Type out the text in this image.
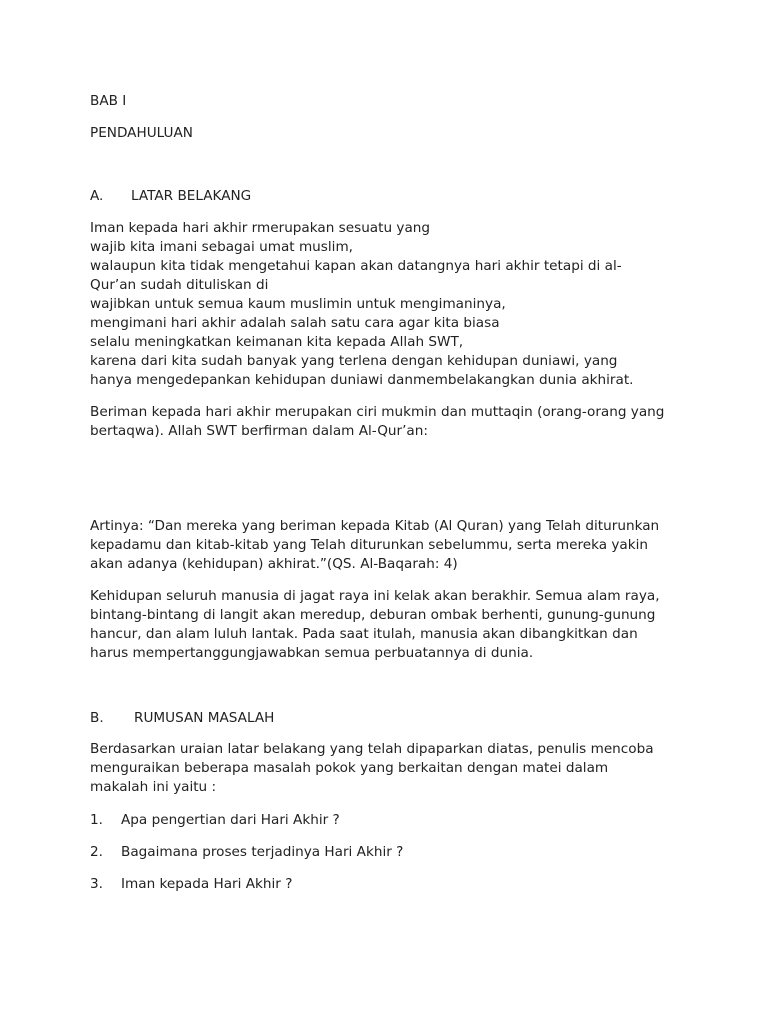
BAB I
PENDAHULUAN
A. LATAR BELAKANG
Iman kepada hari akhir rmerupakan sesuatu yang
wajib kita imani sebagai umat muslim,
walaupun kita tidak mengetahui kapan akan datangnya hari akhir tetapi di al-
Qur’an sudah dituliskan di
wajibkan untuk semua kaum muslimin untuk mengimaninya,
mengimani hari akhir adalah salah satu cara agar kita biasa
selalu meningkatkan keimanan kita kepada Allah SWT,
karena dari kita sudah banyak yang terlena dengan kehidupan duniawi, yang
hanya mengedepankan kehidupan duniawi danmembelakangkan dunia akhirat.
Beriman kepada hari akhir merupakan ciri mukmin dan muttaqin (orang-orang yang
bertaqwa). Allah SWT berfirman dalam Al-Qur’an:
Artinya: “Dan mereka yang beriman kepada Kitab (Al Quran) yang Telah diturunkan
kepadamu dan kitab-kitab yang Telah diturunkan sebelummu, serta mereka yakin
akan adanya (kehidupan) akhirat.”(QS. Al-Baqarah: 4)
Kehidupan seluruh manusia di jagat raya ini kelak akan berakhir. Semua alam raya,
bintang-bintang di langit akan meredup, deburan ombak berhenti, gunung-gunung
hancur, dan alam luluh lantak. Pada saat itulah, manusia akan dibangkitkan dan
harus mempertanggungjawabkan semua perbuatannya di dunia.
B. RUMUSAN MASALAH
Berdasarkan uraian latar belakang yang telah dipaparkan diatas, penulis mencoba
menguraikan beberapa masalah pokok yang berkaitan dengan matei dalam
makalah ini yaitu :
1. Apa pengertian dari Hari Akhir ?
2. Bagaimana proses terjadinya Hari Akhir ?
3. Iman kepada Hari Akhir ?
